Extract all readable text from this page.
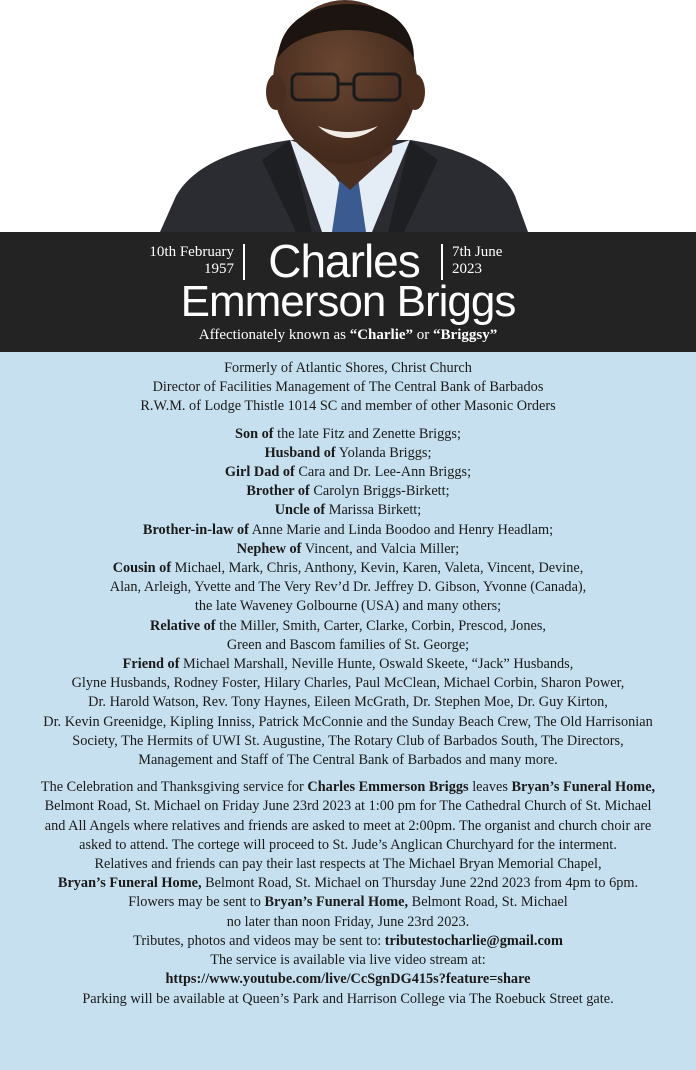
10th February
1957 Charles	7th June
2023
Emmerson Briggs
Affectionately known as “Charlie” or “Briggsy”
Formerly of Atlantic Shores, Christ Church
Director of Facilities Management of The Central Bank of Barbados
R.W.M. of Lodge Thistle 1014 SC and member of other Masonic Orders
Son of the late Fitz and Zenette Briggs;
Husband of Yolanda Briggs;
Girl Dad of Cara and Dr. Lee-Ann Briggs;
Brother of Carolyn Briggs-Birkett;
Uncle of Marissa Birkett;
Brother-in-law of Anne Marie and Linda Boodoo and Henry Headlam;
Nephew of Vincent, and Valcia Miller;
Cousin of Michael, Mark, Chris, Anthony, Kevin, Karen, Valeta, Vincent, Devine,
Alan, Arleigh, Yvette and The Very Rev’d Dr. Jeffrey D. Gibson, Yvonne (Canada),
the late Waveney Golbourne (USA) and many others;
Relative of the Miller, Smith, Carter, Clarke, Corbin, Prescod, Jones,
Green and Bascom families of St. George;
Friend of Michael Marshall, Neville Hunte, Oswald Skeete, “Jack” Husbands,
Glyne Husbands, Rodney Foster, Hilary Charles, Paul McClean, Michael Corbin, Sharon Power,
Dr. Harold Watson, Rev. Tony Haynes, Eileen McGrath, Dr. Stephen Moe, Dr. Guy Kirton,
Dr. Kevin Greenidge, Kipling Inniss, Patrick McConnie and the Sunday Beach Crew, The Old Harrisonian
Society, The Hermits of UWI St. Augustine, The Rotary Club of Barbados South, The Directors,
Management and Staff of The Central Bank of Barbados and many more.
The Celebration and Thanksgiving service for Charles Emmerson Briggs leaves Bryan’s Funeral Home,
Belmont Road, St. Michael on Friday June 23rd 2023 at 1:00 pm for The Cathedral Church of St. Michael
and All Angels where relatives and friends are asked to meet at 2:00pm. The organist and church choir are
asked to attend. The cortege will proceed to St. Jude’s Anglican Churchyard for the interment.
Relatives and friends can pay their last respects at The Michael Bryan Memorial Chapel,
Bryan’s Funeral Home, Belmont Road, St. Michael on Thursday June 22nd 2023 from 4pm to 6pm.
Flowers may be sent to Bryan’s Funeral Home, Belmont Road, St. Michael
no later than noon Friday, June 23rd 2023.
Tributes, photos and videos may be sent to: tributestocharlie@gmail.com
The service is available via live video stream at:
https://www.youtube.com/live/CcSgnDG415s?feature=share
Parking will be available at Queen’s Park and Harrison College via The Roebuck Street gate.
